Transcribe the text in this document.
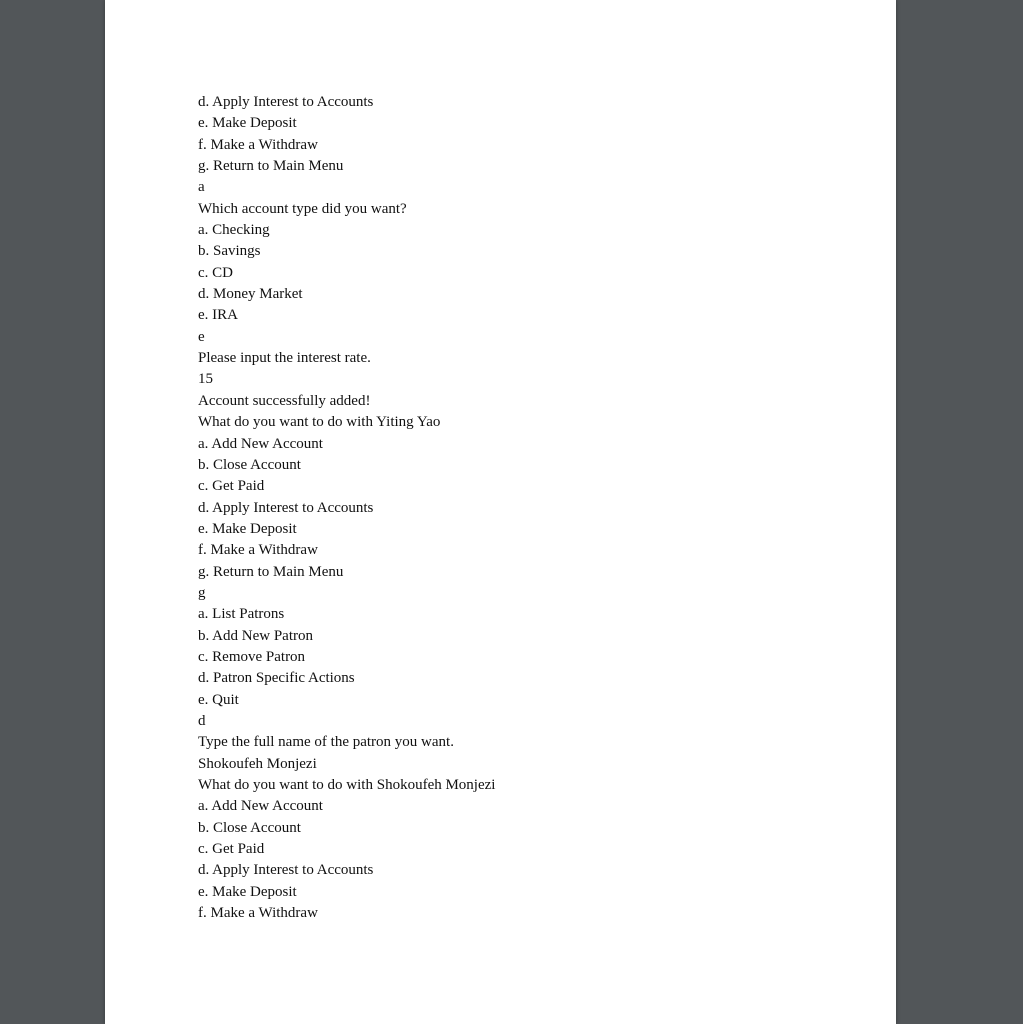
d. Apply Interest to Accounts
e. Make Deposit
f. Make a Withdraw
g. Return to Main Menu
a
Which account type did you want?
a. Checking
b. Savings
c. CD
d. Money Market
e. IRA
e
Please input the interest rate.
15
Account successfully added!
What do you want to do with Yiting Yao
a. Add New Account
b. Close Account
c. Get Paid
d. Apply Interest to Accounts
e. Make Deposit
f. Make a Withdraw
g. Return to Main Menu
g
a. List Patrons
b. Add New Patron
c. Remove Patron
d. Patron Specific Actions
e. Quit
d
Type the full name of the patron you want.
Shokoufeh Monjezi
What do you want to do with Shokoufeh Monjezi
a. Add New Account
b. Close Account
c. Get Paid
d. Apply Interest to Accounts
e. Make Deposit
f. Make a Withdraw
